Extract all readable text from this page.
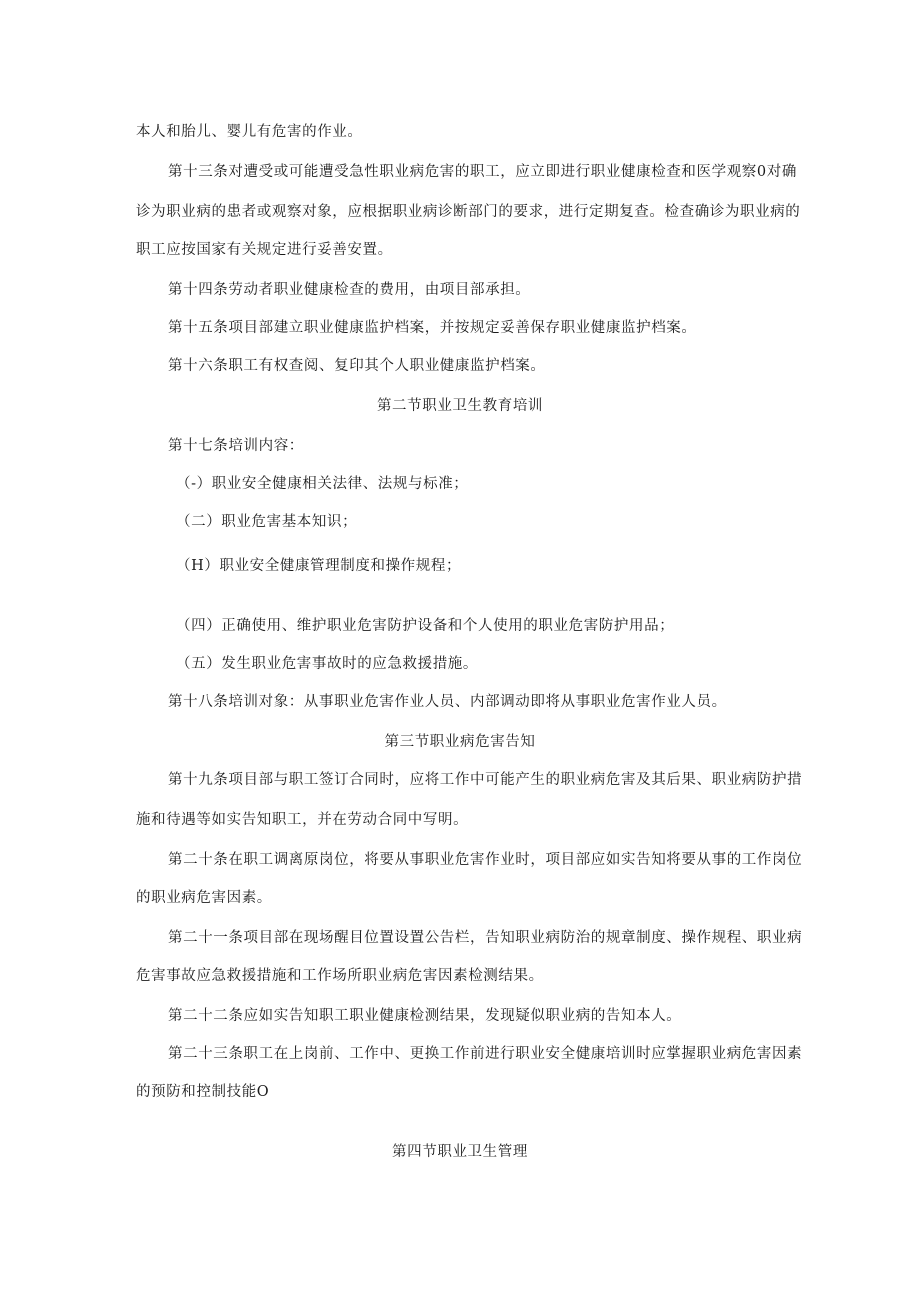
本人和胎儿、婴儿有危害的作业。
第十三条对遭受或可能遭受急性职业病危害的职工，应立即进行职业健康检查和医学观察0对确
诊为职业病的患者或观察对象，应根据职业病诊断部门的要求，进行定期复查。检查确诊为职业病的
职工应按国家有关规定进行妥善安置。
第十四条劳动者职业健康检查的费用，由项目部承担。
第十五条项目部建立职业健康监护档案，并按规定妥善保存职业健康监护档案。
第十六条职工有权查阅、复印其个人职业健康监护档案。
第二节职业卫生教育培训
第十七条培训内容：
（-）职业安全健康相关法律、法规与标准；
（二）职业危害基本知识；
（H）职业安全健康管理制度和操作规程；
（四）正确使用、维护职业危害防护设备和个人使用的职业危害防护用品；
（五）发生职业危害事故时的应急救援措施。
第十八条培训对象：从事职业危害作业人员、内部调动即将从事职业危害作业人员。
第三节职业病危害告知
第十九条项目部与职工签订合同时，应将工作中可能产生的职业病危害及其后果、职业病防护措
施和待遇等如实告知职工，并在劳动合同中写明。
第二十条在职工调离原岗位，将要从事职业危害作业时，项目部应如实告知将要从事的工作岗位
的职业病危害因素。
第二十一条项目部在现场醒目位置设置公告栏，告知职业病防治的规章制度、操作规程、职业病
危害事故应急救援措施和工作场所职业病危害因素检测结果。
第二十二条应如实告知职工职业健康检测结果，发现疑似职业病的告知本人。
第二十三条职工在上岗前、工作中、更换工作前进行职业安全健康培训时应掌握职业病危害因素
的预防和控制技能O
第四节职业卫生管理
